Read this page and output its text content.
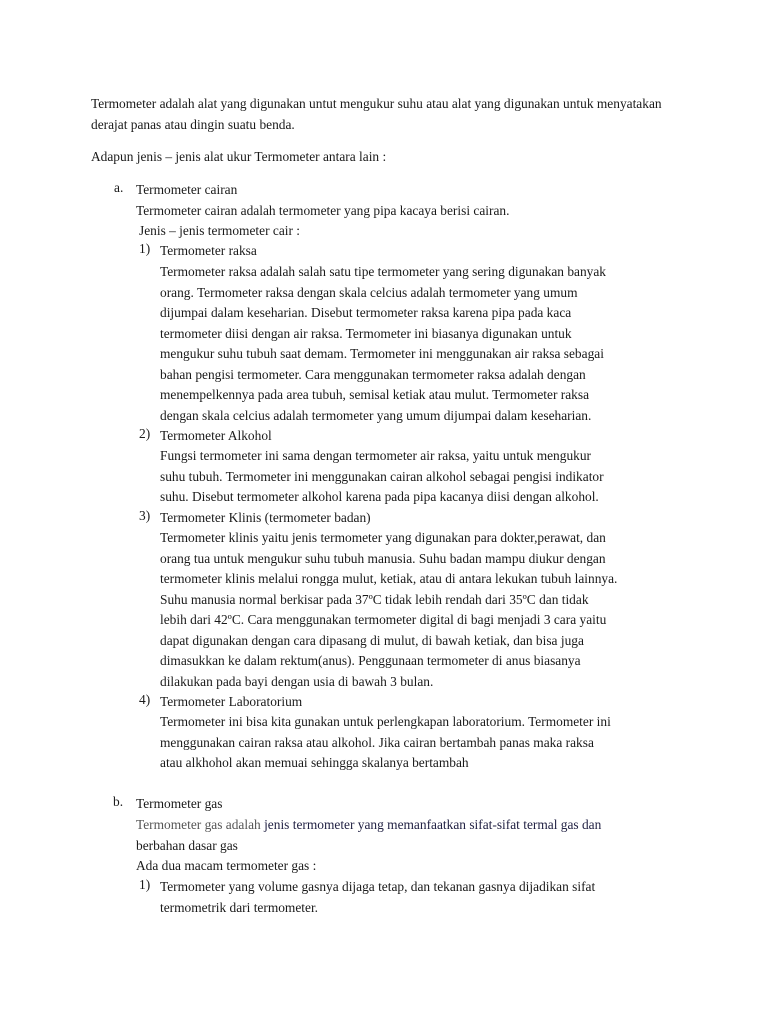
Termometer adalah alat yang digunakan untut mengukur suhu atau alat yang digunakan untuk menyatakan derajat panas atau dingin suatu benda.
Adapun jenis – jenis alat ukur Termometer antara lain :
a. Termometer cairan
Termometer cairan adalah termometer yang pipa kacaya berisi cairan.
Jenis – jenis termometer cair :
1) Termometer raksa
Termometer raksa adalah salah satu tipe termometer yang sering digunakan banyak
orang. Termometer raksa dengan skala celcius adalah termometer yang umum
dijumpai dalam keseharian. Disebut termometer raksa karena pipa pada kaca
termometer diisi dengan air raksa. Termometer ini biasanya digunakan untuk
mengukur suhu tubuh saat demam. Termometer ini menggunakan air raksa sebagai
bahan pengisi termometer. Cara menggunakan termometer raksa adalah dengan
menempelkennya pada area tubuh, semisal ketiak atau mulut. Termometer raksa
dengan skala celcius adalah termometer yang umum dijumpai dalam keseharian.
2) Termometer Alkohol
Fungsi termometer ini sama dengan termometer air raksa, yaitu untuk mengukur
suhu tubuh. Termometer ini menggunakan cairan alkohol sebagai pengisi indikator
suhu. Disebut termometer alkohol karena pada pipa kacanya diisi dengan alkohol.
3) Termometer Klinis (termometer badan)
Termometer klinis yaitu jenis termometer yang digunakan para dokter,perawat, dan
orang tua untuk mengukur suhu tubuh manusia. Suhu badan mampu diukur dengan
termometer klinis melalui rongga mulut, ketiak, atau di antara lekukan tubuh lainnya.
Suhu manusia normal berkisar pada 37ºC tidak lebih rendah dari 35ºC dan tidak
lebih dari 42ºC. Cara menggunakan termometer digital di bagi menjadi 3 cara yaitu
dapat digunakan dengan cara dipasang di mulut, di bawah ketiak, dan bisa juga
dimasukkan ke dalam rektum(anus). Penggunaan termometer di anus biasanya
dilakukan pada bayi dengan usia di bawah 3 bulan.
4) Termometer Laboratorium
Termometer ini bisa kita gunakan untuk perlengkapan laboratorium. Termometer ini
menggunakan cairan raksa atau alkohol. Jika cairan bertambah panas maka raksa
atau alkhohol akan memuai sehingga skalanya bertambah
b. Termometer gas
Termometer gas adalah jenis termometer yang memanfaatkan sifat-sifat termal gas dan
berbahan dasar gas
Ada dua macam termometer gas :
1) Termometer yang volume gasnya dijaga tetap, dan tekanan gasnya dijadikan sifat
termometrik dari termometer.
